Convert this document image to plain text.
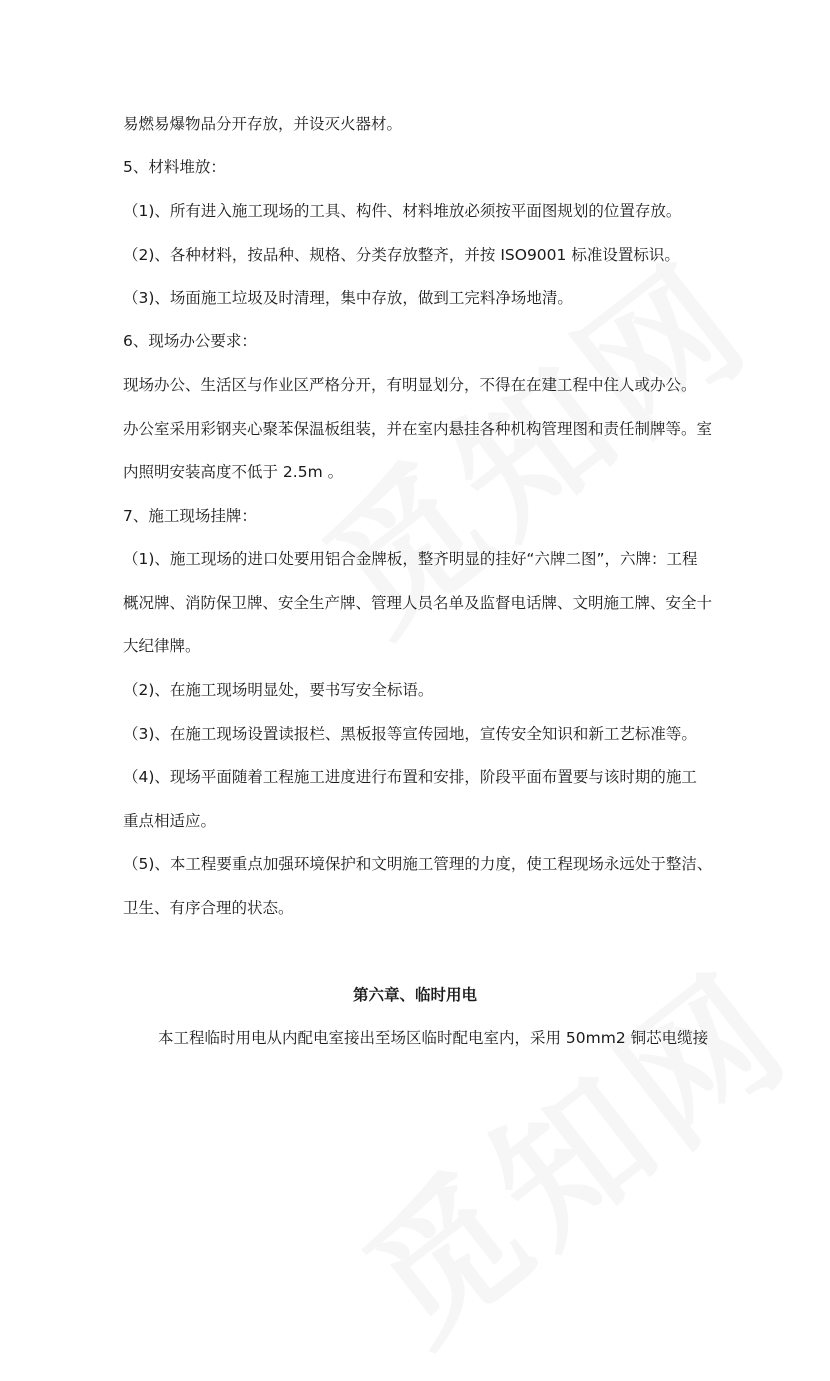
易燃易爆物品分开存放，并设灭火器材。
5、材料堆放：
（1)、所有进入施工现场的工具、构件、材料堆放必须按平面图规划的位置存放。
（2)、各种材料，按品种、规格、分类存放整齐，并按 ISO9001 标准设置标识。
（3)、场面施工垃圾及时清理，集中存放，做到工完料净场地清。
6、现场办公要求：
现场办公、生活区与作业区严格分开，有明显划分，不得在在建工程中住人或办公。
办公室采用彩钢夹心聚苯保温板组装，并在室内悬挂各种机构管理图和责任制牌等。室
内照明安装高度不低于 2.5m 。
7、施工现场挂牌：
（1)、施工现场的进口处要用铝合金牌板，整齐明显的挂好“六牌二图”，六牌：工程
概况牌、消防保卫牌、安全生产牌、管理人员名单及监督电话牌、文明施工牌、安全十
大纪律牌。
（2)、在施工现场明显处，要书写安全标语。
（3)、在施工现场设置读报栏、黑板报等宣传园地，宣传安全知识和新工艺标准等。
（4)、现场平面随着工程施工进度进行布置和安排，阶段平面布置要与该时期的施工
重点相适应。
（5)、本工程要重点加强环境保护和文明施工管理的力度，使工程现场永远处于整洁、
卫生、有序合理的状态。
第六章、临时用电
本工程临时用电从内配电室接出至场区临时配电室内，采用 50mm2 铜芯电缆接
